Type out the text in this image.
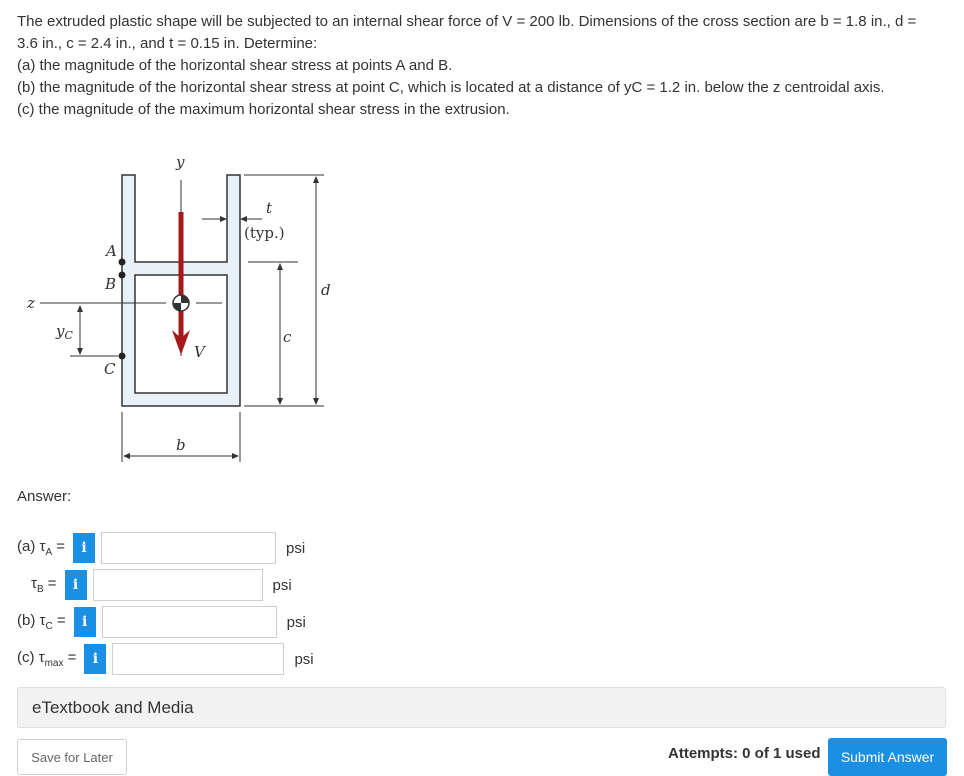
The extruded plastic shape will be subjected to an internal shear force of V = 200 lb. Dimensions of the cross section are b = 1.8 in., d =

3.6 in., c = 2.4 in., and t = 0.15 in. Determine:

(a) the magnitude of the horizontal shear stress at points A and B.

(b) the magnitude of the horizontal shear stress at point C, which is located at a distance of yC = 1.2 in. below the z centroidal axis.

(c) the magnitude of the maximum horizontal shear stress in the extrusion.

y
z
V
A
B
C
$y_C$
t
(typ.)
d
c
b
Answer:
(a) $\tau_A$ =	i	psi
$\tau_B$ =	i	psi
(b) $\tau_C$ =	i	psi
(c) $\tau_{max}$ =	i	psi
eTextbook and Media
Save for Later	Attempts: 0 of 1 used	Submit Answer
